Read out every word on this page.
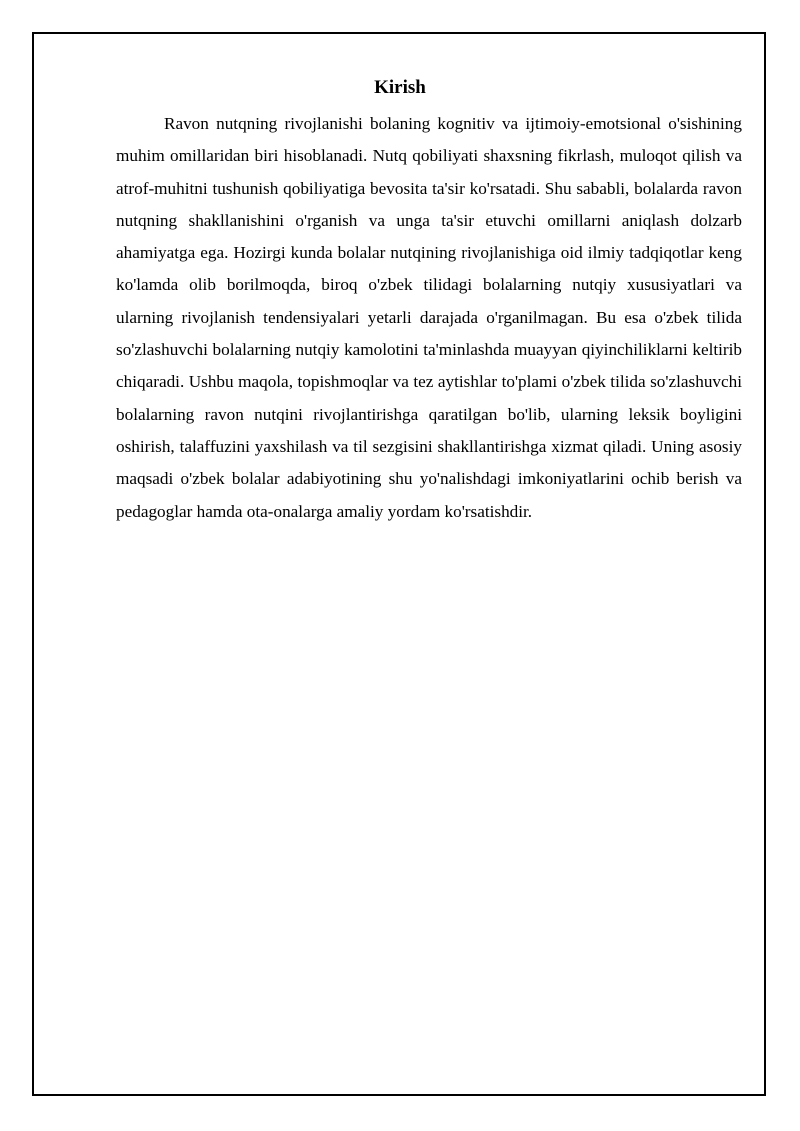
Kirish

Ravon nutqning rivojlanishi bolaning kognitiv va ijtimoiy-emotsional o'sishining muhim omillaridan biri hisoblanadi. Nutq qobiliyati shaxsning fikrlash, muloqot qilish va atrof-muhitni tushunish qobiliyatiga bevosita ta'sir ko'rsatadi. Shu sababli, bolalarda ravon nutqning shakllanishini o'rganish va unga ta'sir etuvchi omillarni aniqlash dolzarb ahamiyatga ega. Hozirgi kunda bolalar nutqining rivojlanishiga oid ilmiy tadqiqotlar keng ko'lamda olib borilmoqda, biroq o'zbek tilidagi bolalarning nutqiy xususiyatlari va ularning rivojlanish tendensiyalari yetarli darajada o'rganilmagan. Bu esa o'zbek tilida so'zlashuvchi bolalarning nutqiy kamolotini ta'minlashda muayyan qiyinchiliklarni keltirib chiqaradi. Ushbu maqola, topishmoqlar va tez aytishlar to'plami o'zbek tilida so'zlashuvchi bolalarning ravon nutqini rivojlantirishga qaratilgan bo'lib, ularning leksik boyligini oshirish, talaffuzini yaxshilash va til sezgisini shakllantirishga xizmat qiladi. Uning asosiy maqsadi o'zbek bolalar adabiyotining shu yo'nalishdagi imkoniyatlarini ochib berish va pedagoglar hamda ota-onalarga amaliy yordam ko'rsatishdir.
